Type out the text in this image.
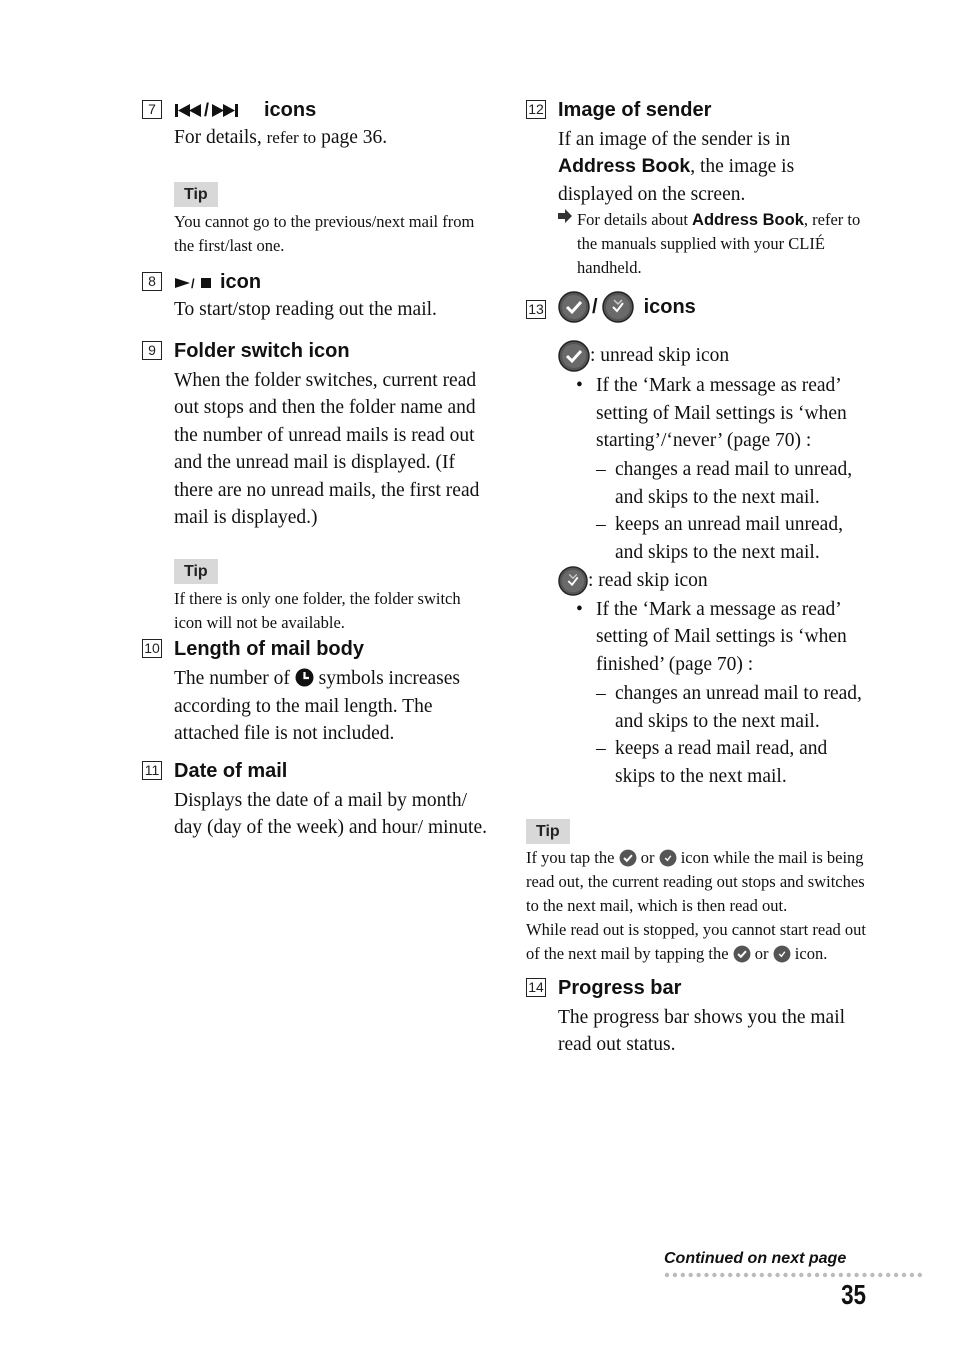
7	/	icons
For details, refer to page 36.
Tip
You cannot go to the previous/next mail from the first/last one.
8	/ icon
To start/stop reading out the mail.
9 Folder switch icon
When the folder switches, current read out stops and then the folder name and the number of unread mails is read out and the unread mail is displayed. (If there are no unread mails, the first read mail is displayed.)
Tip
If there is only one folder, the folder switch icon will not be available.
10 Length of mail body
The number of  symbols increases according to the mail length. The attached file is not included.
11 Date of mail
Displays the date of a mail by month/ day (day of the week) and hour/ minute.
12 Image of sender
If an image of the sender is in Address Book, the image is displayed on the screen.
For details about Address Book, refer to the manuals supplied with your CLIÉ handheld.
13 / icons
: unread skip icon
• If the ‘Mark a message as read’ setting of Mail settings is ‘when starting’/‘never’ (page 70) :
– changes a read mail to unread, and skips to the next mail.
– keeps an unread mail unread, and skips to the next mail.
: read skip icon
• If the ‘Mark a message as read’ setting of Mail settings is ‘when finished’ (page 70) :
– changes an unread mail to read, and skips to the next mail.
– keeps a read mail read, and skips to the next mail.
Tip
If you tap the  or  icon while the mail is being read out, the current reading out stops and switches to the next mail, which is then read out.
While read out is stopped, you cannot start read out of the next mail by tapping the  or  icon.
14 Progress bar
The progress bar shows you the mail read out status.
Continued on next page
35
